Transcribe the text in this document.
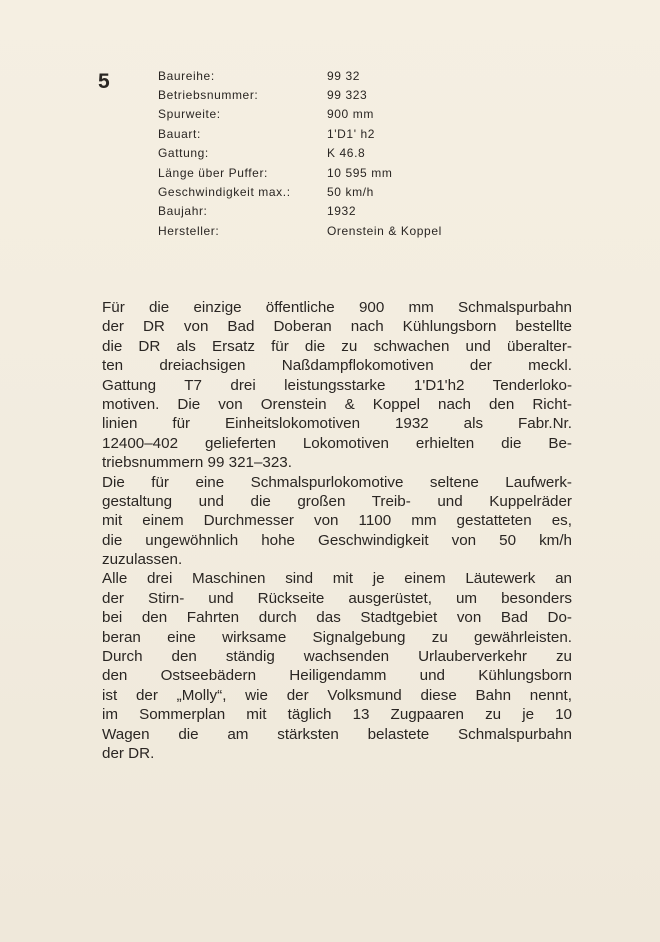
5	Baureihe:	99 32
Betriebsnummer:	99 323
Spurweite:	900 mm
Bauart:	1'D1' h2
Gattung:	K 46.8
Länge über Puffer:	10 595 mm
Geschwindigkeit max.:	50 km/h
Baujahr:	1932
Hersteller:	Orenstein & Koppel
Für die einzige öffentliche 900 mm Schmalspurbahn
der DR von Bad Doberan nach Kühlungsborn bestellte
die DR als Ersatz für die zu schwachen und überalter-
ten dreiachsigen Naßdampflokomotiven der meckl.
Gattung T7 drei leistungsstarke 1'D1'h2 Tenderloko-
motiven. Die von Orenstein & Koppel nach den Richt-
linien für Einheitslokomotiven 1932 als Fabr.Nr.
12400–402 gelieferten Lokomotiven erhielten die Be-
triebsnummern 99 321–323.
Die für eine Schmalspurlokomotive seltene Laufwerk-
gestaltung und die großen Treib- und Kuppelräder
mit einem Durchmesser von 1100 mm gestatteten es,
die ungewöhnlich hohe Geschwindigkeit von 50 km/h
zuzulassen.
Alle drei Maschinen sind mit je einem Läutewerk an
der Stirn- und Rückseite ausgerüstet, um besonders
bei den Fahrten durch das Stadtgebiet von Bad Do-
beran eine wirksame Signalgebung zu gewährleisten.
Durch den ständig wachsenden Urlauberverkehr zu
den Ostseebädern Heiligendamm und Kühlungsborn
ist der „Molly“, wie der Volksmund diese Bahn nennt,
im Sommerplan mit täglich 13 Zugpaaren zu je 10
Wagen die am stärksten belastete Schmalspurbahn
der DR.
